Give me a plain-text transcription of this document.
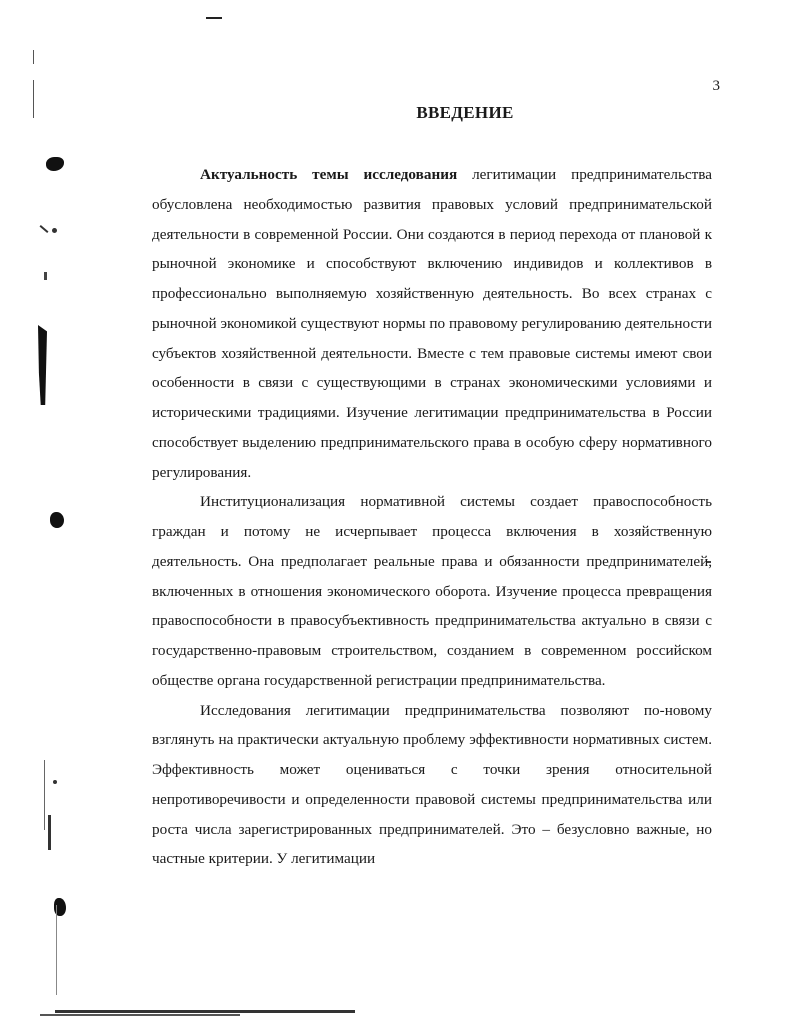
3
ВВЕДЕНИЕ

Актуальность темы исследования легитимации предпринимательства обусловлена необходимостью развития правовых условий предпринимательской деятельности в современной России. Они создаются в период перехода от плановой к рыночной экономике и способствуют включению индивидов и коллективов в профессионально выполняемую хозяйственную деятельность. Во всех странах с рыночной экономикой существуют нормы по правовому регулированию деятельности субъектов хозяйственной деятельности. Вместе с тем правовые системы имеют свои особенности в связи с существующими в странах экономическими условиями и историческими традициями. Изучение легитимации предпринимательства в России способствует выделению предпринимательского права в особую сферу нормативного регулирования.

Институционализация нормативной системы создает правоспособность граждан и потому не исчерпывает процесса включения в хозяйственную деятельность. Она предполагает реальные права и обязанности предпринимателей, включенных в отношения экономического оборота. Изучение процесса превращения правоспособности в правосубъективность предпринимательства актуально в связи с государственно-правовым строительством, созданием в современном российском обществе органа государственной регистрации предпринимательства.

Исследования легитимации предпринимательства позволяют по-новому взглянуть на практически актуальную проблему эффективности нормативных систем. Эффективность может оцениваться с точки зрения относительной непротиворечивости и определенности правовой системы предпринимательства или роста числа зарегистрированных предпринимателей. Это – безусловно важные, но частные критерии. У легитимации
